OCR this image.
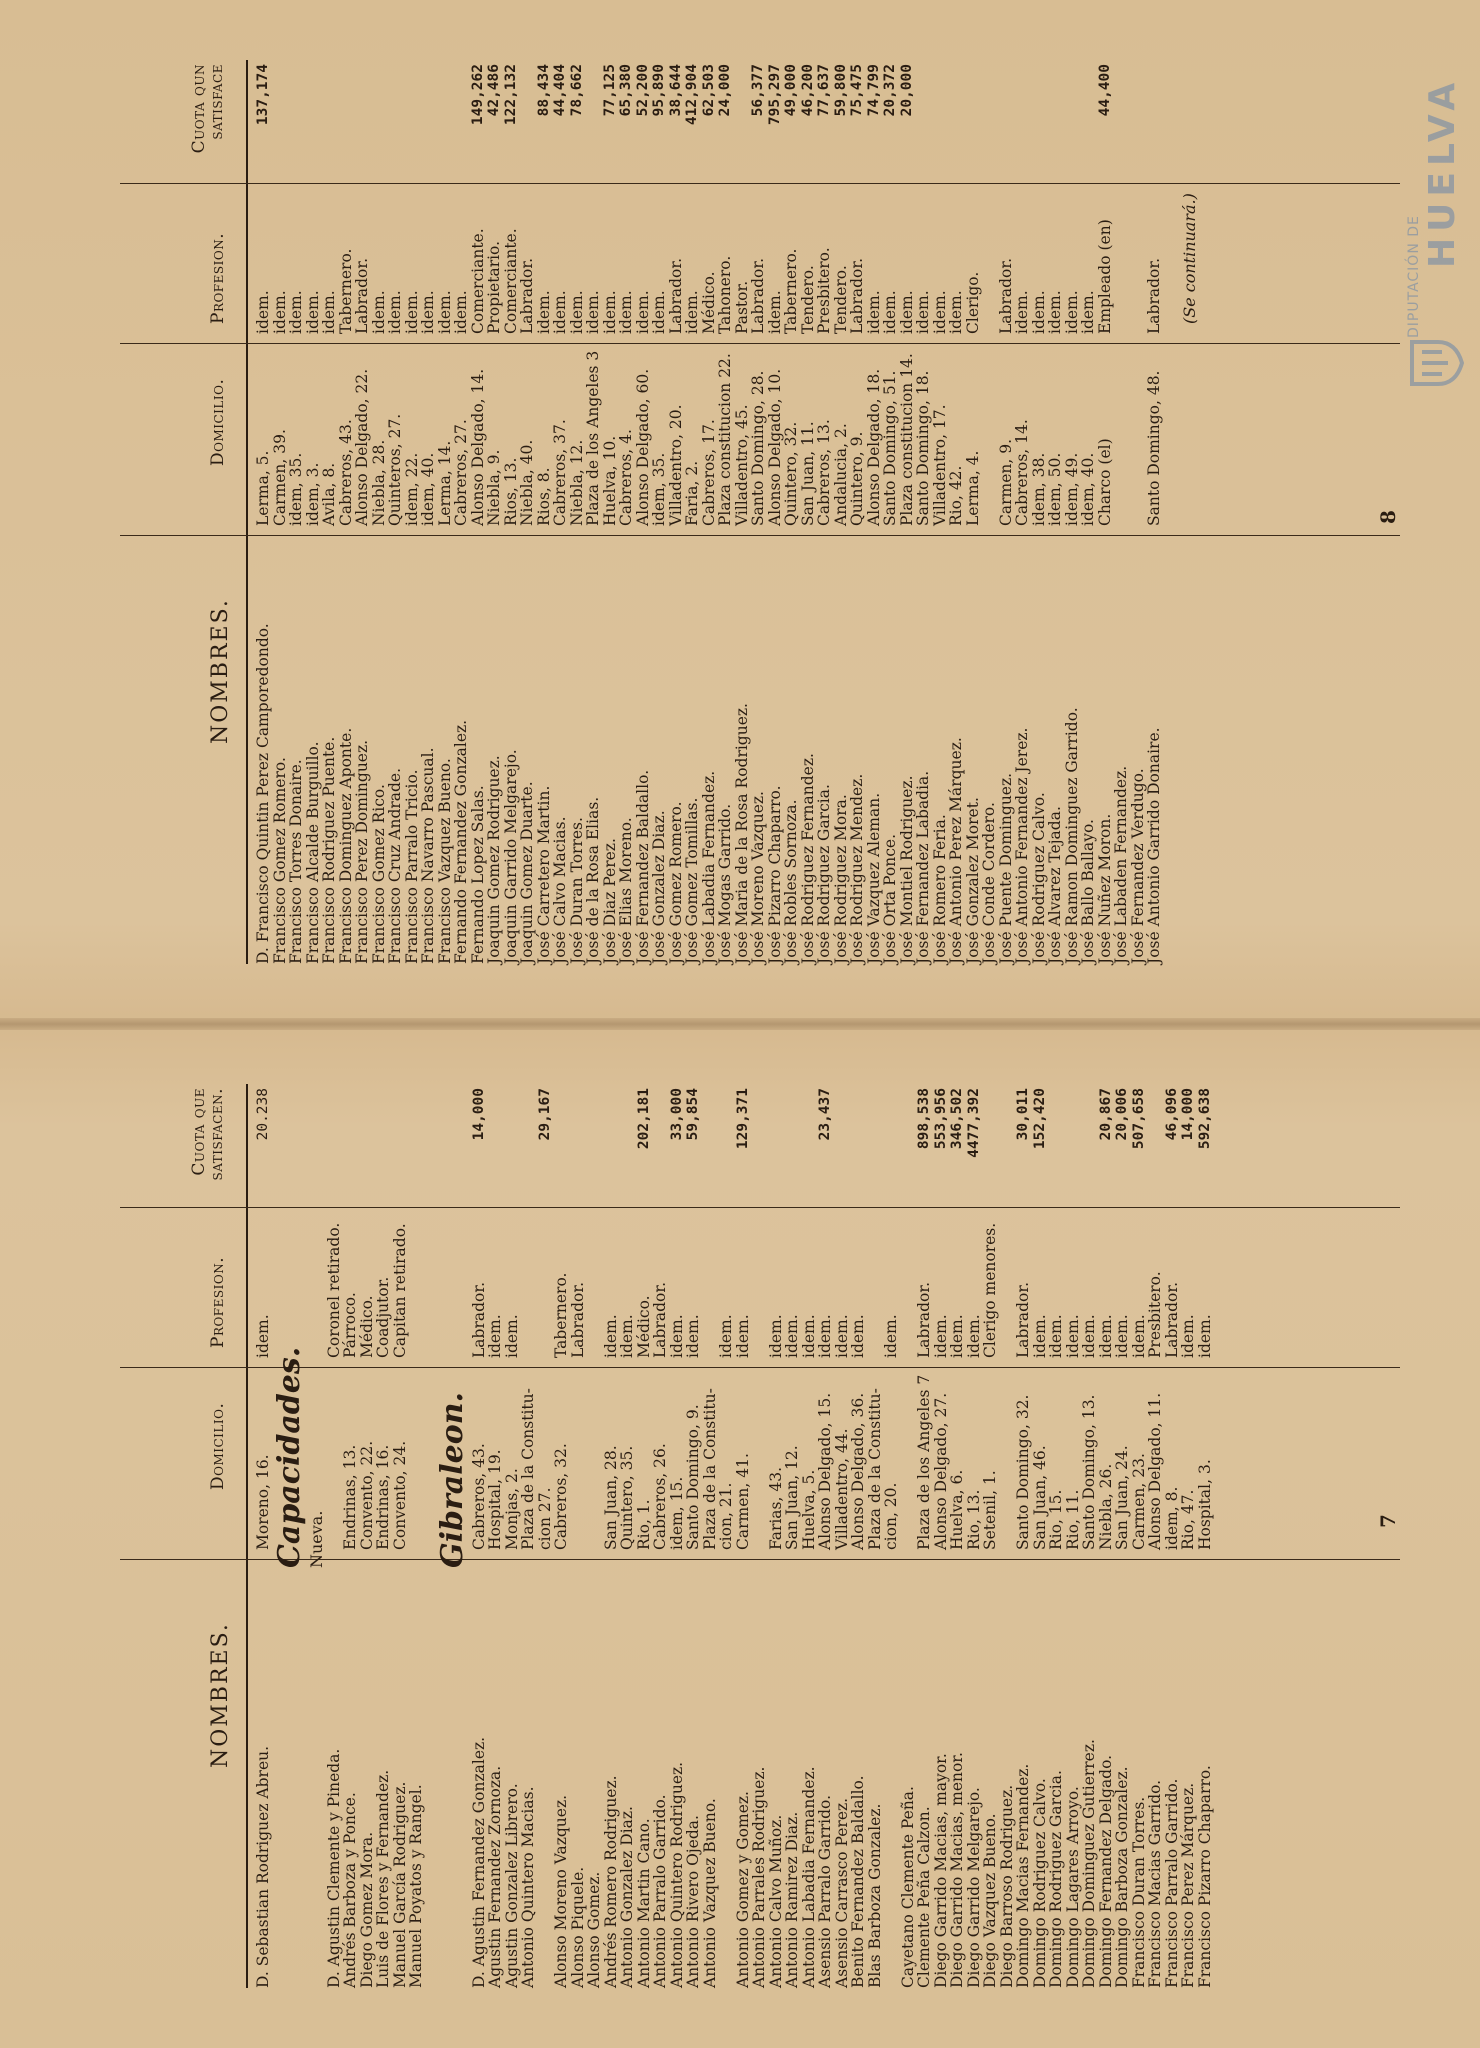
NOMBRES.
Domicilio.
Profesion.
Cuota que satisfacen.
D. Sebastian Rodriguez Abreu.
Moreno, 16.
idem.
20.238
Capacidades. Nueva.
D. Agustin Clemente y Pineda.
Coronel retirado.
Andrés Barboza y Ponce.
Endrinas, 13.
Párroco.
Diego Gomez Mora.
Convento, 22.
Médico.
Luis de Flores y Fernandez.
Endrinas, 16.
Coadjutor.
Manuel García Rodriguez.
Convento, 24.
Capitan retirado.
Manuel Poyatos y Rangel.
Gibraleon.
D. Agustin Fernandez Gonzalez.
Cabreros, 43.
Labrador.
14,000
Agustin Fernandez Zornoza.
Hospital, 19.
idem.
Agustin Gonzalez Librero.
Monjas, 2.
idem.
Antonio Quintero Macias.
Plaza de la Constitu-
cion 27.
29,167
Alonso Moreno Vazquez.
Cabreros, 32.
Tabernero.
Alonso Piquele.
Labrador.
Alonso Gomez.
Andrés Romero Rodriguez.
San Juan, 28.
idem.
Antonio Gonzalez Diaz.
Quintero, 35.
idem.
Antonio Martin Cano.
Rio, 1.
Médico.
202,181
Antonio Parralo Garrido.
Cabreros, 26.
Labrador.
Antonio Quintero Rodriguez.
idem, 15.
idem.
33,000
Antonio Rivero Ojeda.
Santo Domingo, 9.
idem.
59,854
Antonio Vazquez Bueno.
Plaza de la Constitu-
cion, 21.
idem.
Antonio Gomez y Gomez.
Carmen, 41.
idem.
129,371
Antonio Parrales Rodriguez.
Antonio Calvo Muñoz.
Farias, 43.
idem.
Antonio Ramirez Diaz.
San Juan, 12.
idem.
Antonio Labadia Fernandez.
Huelva, 5.
idem.
Asensio Parralo Garrido.
Alonso Delgado, 15.
idem.
23,437
Asensio Carrasco Perez.
Villadentro, 44.
idem.
Benito Fernandez Baldallo.
Alonso Delgado, 36.
idem.
Blas Barboza Gonzalez.
Plaza de la Constitu-
cion, 20.
idem.
Cayetano Clemente Peña.
Clemente Peña Calzon.
Plaza de los Angeles 7
Labrador.
898,538
Diego Garrido Macias, mayor.
Alonso Delgado, 27.
idem.
553,956
Diego Garrido Macias, menor.
Huelva, 6.
idem.
346,502
Diego Garrido Melgarejo.
Rio, 13.
idem.
4477,392
Diego Vazquez Bueno.
Setenil, 1.
Clerigo menores.
Diego Barroso Rodriguez.
Domingo Macias Fernandez.
Santo Domingo, 32.
Labrador.
30,011
Domingo Rodriguez Calvo.
San Juan, 46.
idem.
152,420
Domingo Rodriguez Garcia.
Rio, 15.
idem.
Domingo Lagares Arroyo.
Rio, 11.
idem.
Domingo Dominguez Gutierrez.
Santo Domingo, 13.
idem.
Domingo Fernandez Delgado.
Niebla, 26.
idem.
20,867
Domingo Barboza Gonzalez.
San Juan, 24.
idem.
20,006
Francisco Duran Torres.
Carmen, 23.
idem.
507,658
Francisco Macias Garrido.
Alonso Delgado, 11.
Presbitero.
Francisco Parralo Garrido.
idem, 8.
Labrador.
46,096
Francisco Perez Márquez.
Rio, 47.
idem.
14,000
Francisco Pizarro Chaparro.
Hospital, 3.
idem.
592,638
7
NOMBRES.
Domicilio.
Profesion.
Cuota qun satisface
D. Francisco Quintin Perez Camporedondo.
Lerma, 5.
idem.
137,174
Francisco Gomez Romero.
Carmen, 39.
idem.
Francisco Torres Donaire.
idem, 35.
idem.
Francisco Alcalde Burguillo.
idem, 3.
idem.
Francisco Rodriguez Puente.
Avila, 8.
idem.
Francisco Dominguez Aponte.
Cabreros, 43.
Tabernero.
Francisco Perez Dominguez.
Alonso Delgado, 22.
Labrador.
Francisco Gomez Rico.
Niebla, 28.
idem.
Francisco Cruz Andrade.
Quinteros, 27.
idem.
Francisco Parralo Tricio.
idem, 22.
idem.
Francisco Navarro Pascual.
idem, 40.
idem.
Francisco Vazquez Bueno.
Lerma, 14.
idem.
Fernando Fernandez Gonzalez.
Cabreros, 27.
idem.
Fernando Lopez Salas.
Alonso Delgado, 14.
Comerciante.
149,262
Joaquin Gomez Rodriguez.
Niebla, 9.
Propietario.
42,486
Joaquin Garrido Melgarejo.
Rios, 13.
Comerciante.
122,132
Joaquin Gomez Duarte.
Niebla, 40.
Labrador.
José Carretero Martin.
Rios, 8.
idem.
88,434
José Calvo Macias.
Cabreros, 37.
idem.
44,404
José Duran Torres.
Niebla, 12.
idem.
78,662
José de la Rosa Elias.
Plaza de los Angeles 3
idem.
José Diaz Perez.
Huelva, 10.
idem.
77,125
José Elias Moreno.
Cabreros, 4.
idem.
65,380
José Fernandez Baldallo.
Alonso Delgado, 60.
idem.
52,200
José Gonzalez Diaz.
idem, 35.
idem.
95,890
José Gomez Romero.
Villadentro, 20.
Labrador.
38,644
José Gomez Tomillas.
Faria, 2.
idem.
412,904
José Labadia Fernandez.
Cabreros, 17.
Médico.
62,503
José Mogas Garrido.
Plaza constitucion 22.
Tahonero.
24,000
José Maria de la Rosa Rodriguez.
Villadentro, 45.
Pastor.
José Moreno Vazquez.
Santo Domingo, 28.
Labrador.
56,377
José Pizarro Chaparro.
Alonso Delgado, 10.
idem.
795,297
José Robles Sornoza.
Quintero, 32.
Tabernero.
49,000
José Rodriguez Fernandez.
San Juan, 11.
Tendero.
46,200
José Rodriguez Garcia.
Cabreros, 13.
Presbitero.
77,637
José Rodriguez Mora.
Andalucia, 2.
Tendero.
59,800
José Rodriguez Mendez.
Quintero, 9.
Labrador.
75,475
José Vazquez Aleman.
Alonso Delgado, 18.
idem.
74,799
José Orta Ponce.
Santo Domingo, 51.
idem.
20,372
José Montiel Rodriguez.
Plaza constitucion 14.
idem.
20,000
José Fernandez Labadia.
Santo Domingo, 18.
idem.
José Romero Feria.
Villadentro, 17.
idem.
José Antonio Perez Márquez.
Rio, 42.
idem.
José Gonzalez Moret.
Lerma, 4.
Clerigo.
José Conde Cordero.
José Puente Dominguez.
Carmen, 9.
Labrador.
José Antonio Fernandez Jerez.
Cabreros, 14.
idem.
José Rodriguez Calvo.
idem, 38.
idem.
José Alvarez Tejada.
idem, 50.
idem.
José Ramon Dominguez Garrido.
idem, 49.
idem.
José Ballo Ballayo.
idem, 40.
idem.
José Nuñez Moron.
Charco (el)
Empleado (en)
44,400
José Labaden Fernandez.
José Fernandez Verdugo.
José Antonio Garrido Donaire.
Santo Domingo, 48.
Labrador. (Se continuará.)
8
DIPUTACIÓN DE
HUELVA
